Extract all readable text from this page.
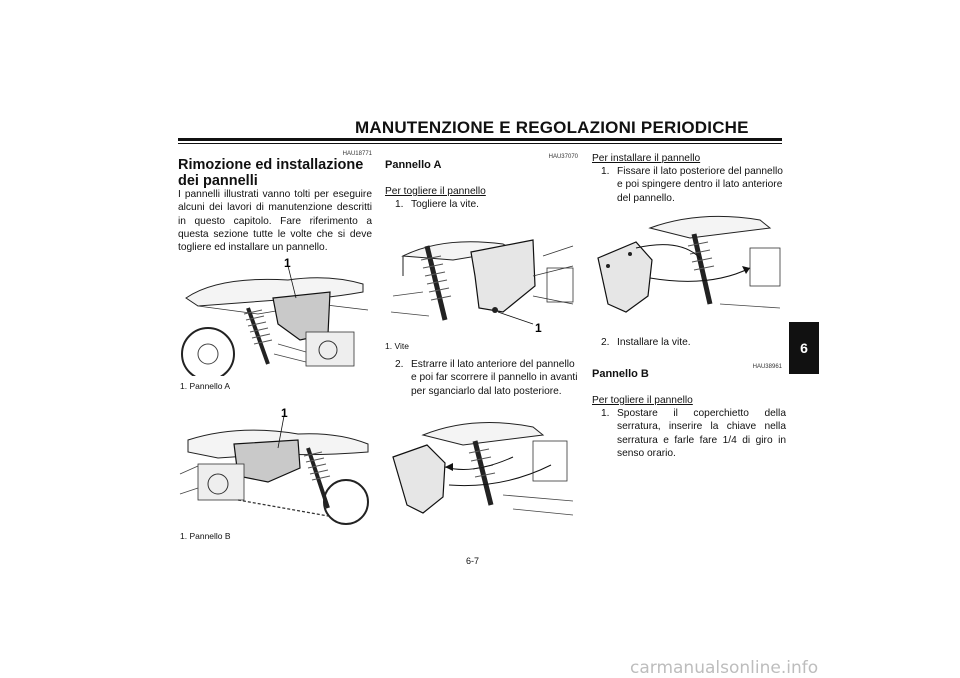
MANUTENZIONE E REGOLAZIONI PERIODICHE
6
HAU18771
Rimozione ed installazione dei pannelli
I pannelli illustrati vanno tolti per eseguire alcuni dei lavori di manutenzione descritti in questo capitolo. Fare riferimento a questa sezione tutte le volte che si deve togliere ed installare un pannello.
1
1. Pannello A
1
1. Pannello B
HAU37070
Pannello A
Per togliere il pannello
1. Togliere la vite.
1
1. Vite
2. Estrarre il lato anteriore del pannello e poi far scorrere il pannello in avanti per sganciarlo dal lato posteriore.
Per installare il pannello
1. Fissare il lato posteriore del pannello e poi spingere dentro il lato anteriore del pannello.
2. Installare la vite.
HAU38961
Pannello B
Per togliere il pannello
1. Spostare il coperchietto della serratura, inserire la chiave nella serratura e farle fare 1/4 di giro in senso orario.
6-7
carmanualsonline.info
